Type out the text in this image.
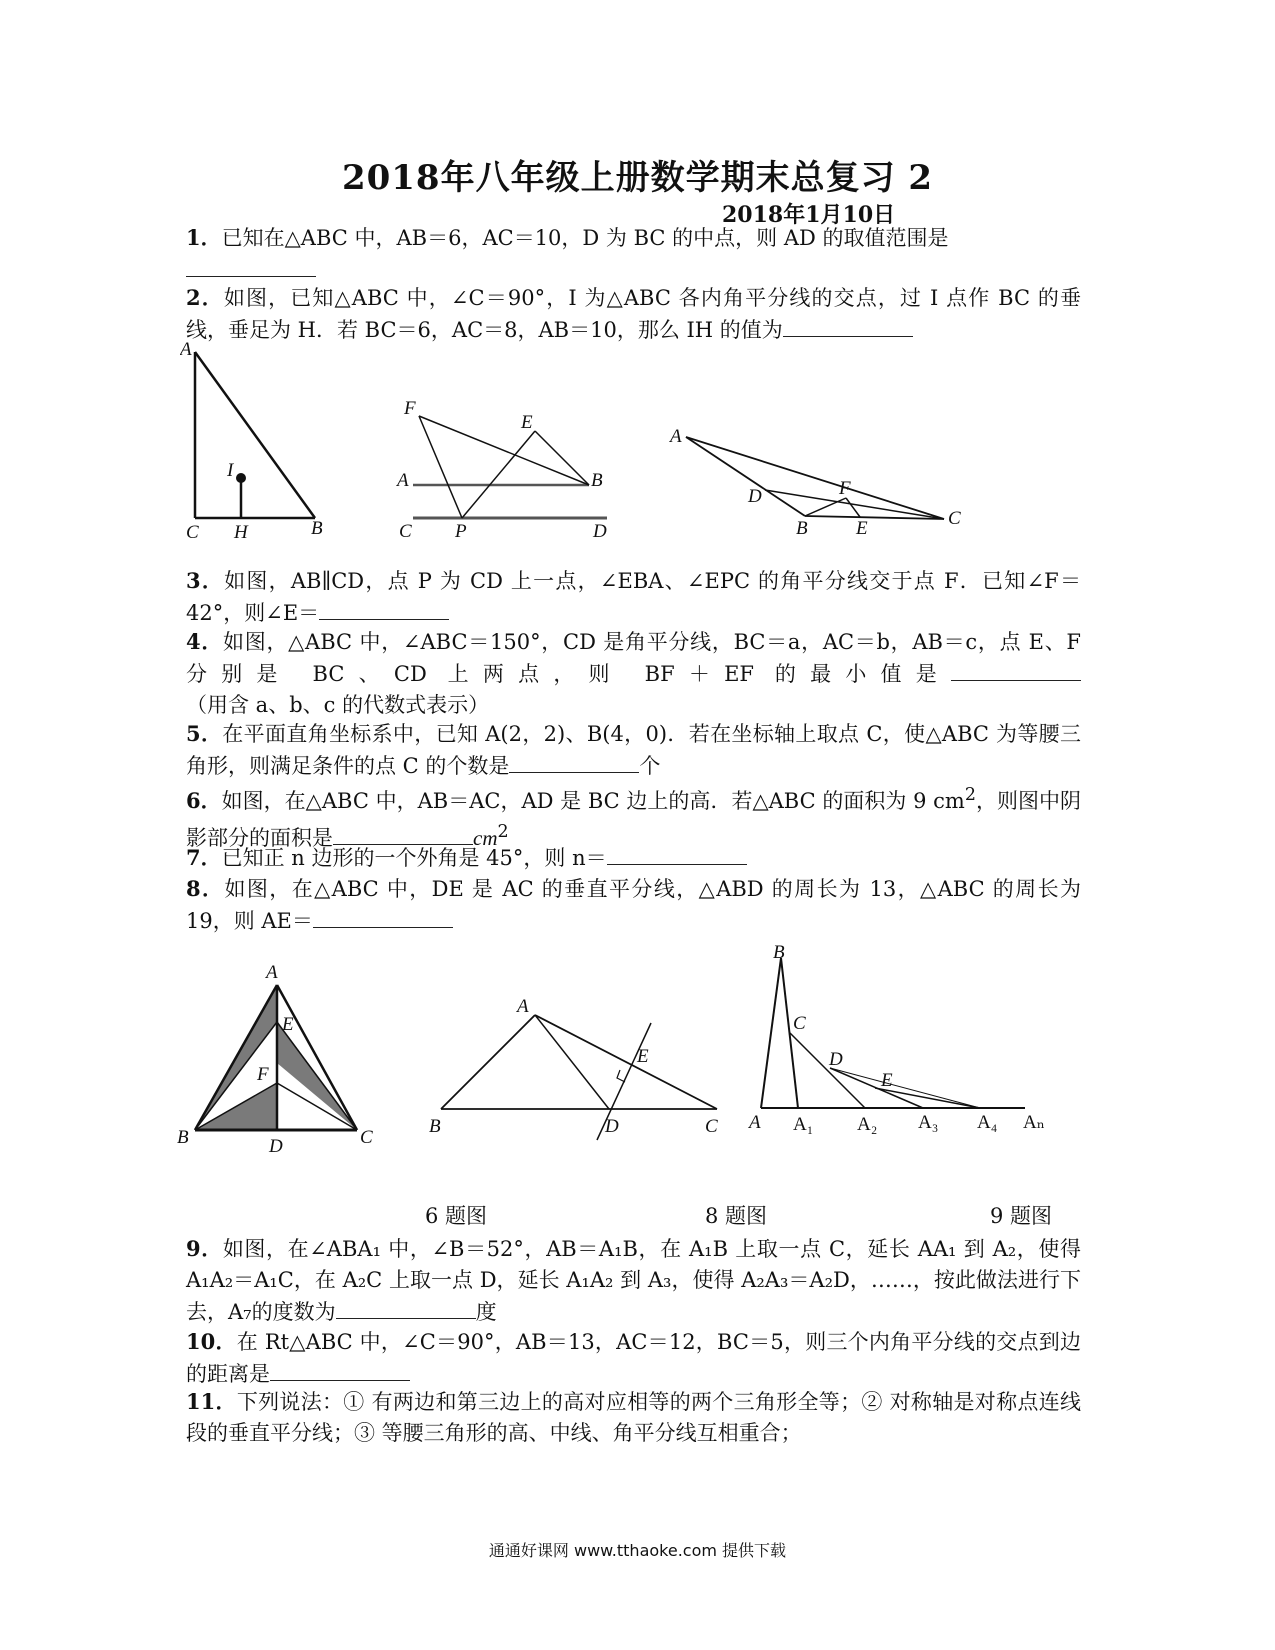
2018年八年级上册数学期末总复习 2
2018年1月10日
1．已知在△ABC 中，AB＝6，AC＝10，D 为 BC 的中点，则 AD 的取值范围是

2．如图，已知△ABC 中，∠C＝90°，I 为△ABC 各内角平分线的交点，过 I 点作 BC 的垂线，垂足为 H．若 BC＝6，AC＝8，AB＝10，那么 IH 的值为
A
I
C H	B
F
E
A	B
C P	D
A
D	F
B	E	C
3．如图，AB∥CD，点 P 为 CD 上一点，∠EBA、∠EPC 的角平分线交于点 F．已知∠F＝42°，则∠E＝
4．如图，△ABC 中，∠ABC＝150°，CD 是角平分线，BC＝a，AC＝b，AB＝c，点 E、F 分别是 BC、CD 上两点，则 BF＋EF 的最小值是（用含 a、b、c 的代数式表示）
5．在平面直角坐标系中，已知 A(2，2)、B(4，0)．若在坐标轴上取点 C，使△ABC 为等腰三角形，则满足条件的点 C 的个数是	个
6．如图，在△ABC 中，AB＝AC，AD 是 BC 边上的高．若△ABC 的面积为 9 $cm^2$，则图中阴影部分的面积是	$cm^2$
7．已知正 n 边形的一个外角是 45°，则 n＝
8．如图，在△ABC 中，DE 是 AC 的垂直平分线，△ABD 的周长为 13，△ABC 的周长为 19，则 AE＝
A
E
F
B	D	C
A
E
B	D	C
B
C
D
E
A A₁ A₂ A₃ A₄ Aₙ
6 题图	8 题图	9 题图
9．如图，在∠ABA₁ 中，∠B＝52°，AB＝A₁B，在 A₁B 上取一点 C，延长 AA₁ 到 A₂，使得 A₁A₂＝A₁C，在 A₂C 上取一点 D，延长 A₁A₂ 到 A₃，使得 A₂A₃＝A₂D，……，按此做法进行下去，A₇的度数为	度
10．在 Rt△ABC 中，∠C＝90°，AB＝13，AC＝12，BC＝5，则三个内角平分线的交点到边的距离是
11．下列说法：① 有两边和第三边上的高对应相等的两个三角形全等；② 对称轴是对称点连线段的垂直平分线；③ 等腰三角形的高、中线、角平分线互相重合；
通通好课网 www.tthaoke.com 提供下载
